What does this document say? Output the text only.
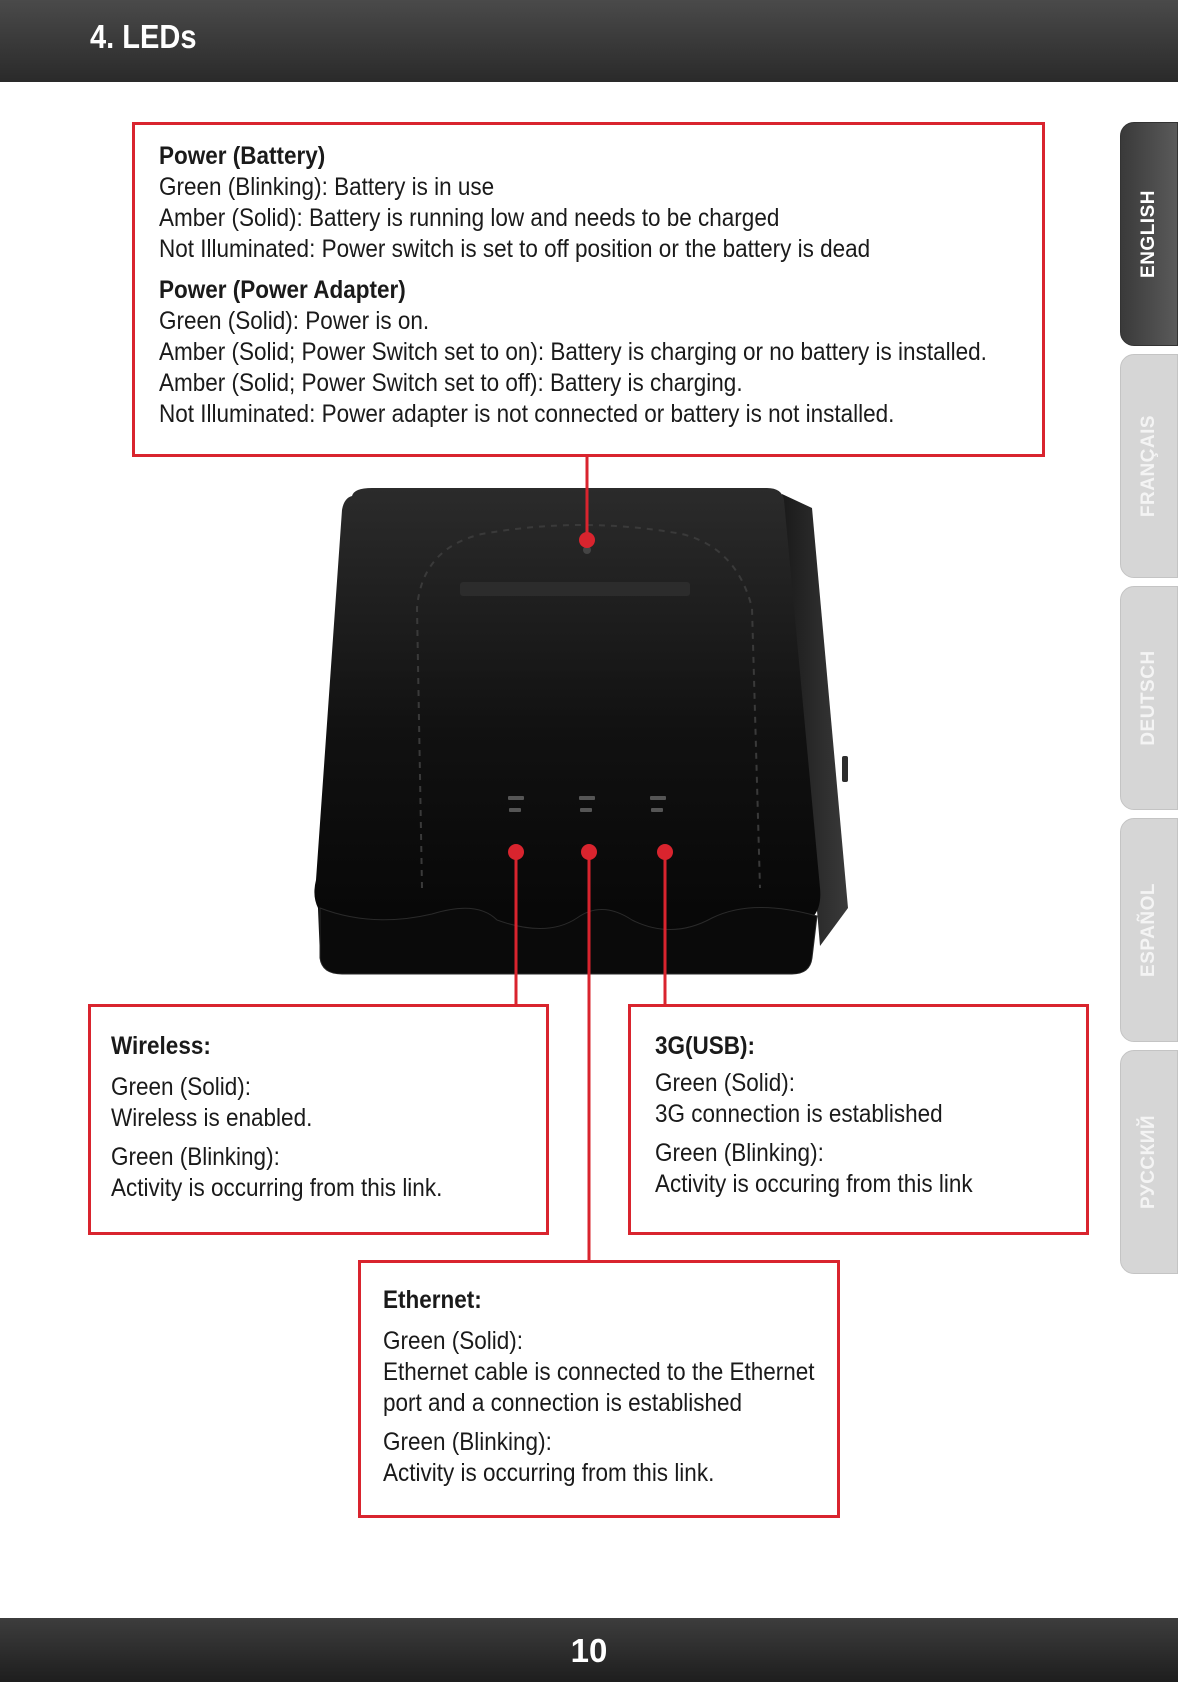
4. LEDs
ENGLISH
FRANÇAIS
DEUTSCH
ESPAÑOL
РУССКИЙ
Power (Battery)
Green (Blinking): Battery is in use
Amber (Solid): Battery is running low and needs to be charged
Not Illuminated: Power switch is set to off position or the battery is dead
Power (Power Adapter)
Green (Solid): Power is on.
Amber (Solid; Power Switch set to on): Battery is charging or no battery is installed.
Amber (Solid; Power Switch set to off): Battery is charging.
Not Illuminated: Power adapter is not connected or battery is not installed.
Wireless:
Green (Solid):
Wireless is enabled.
Green (Blinking):
Activity is occurring from this link.
3G(USB):
Green (Solid):
3G connection is established
Green (Blinking):
Activity is occuring from this link
Ethernet:
Green (Solid):
Ethernet cable is connected to the Ethernet
port and a connection is established
Green (Blinking):
Activity is occurring from this link.
10
